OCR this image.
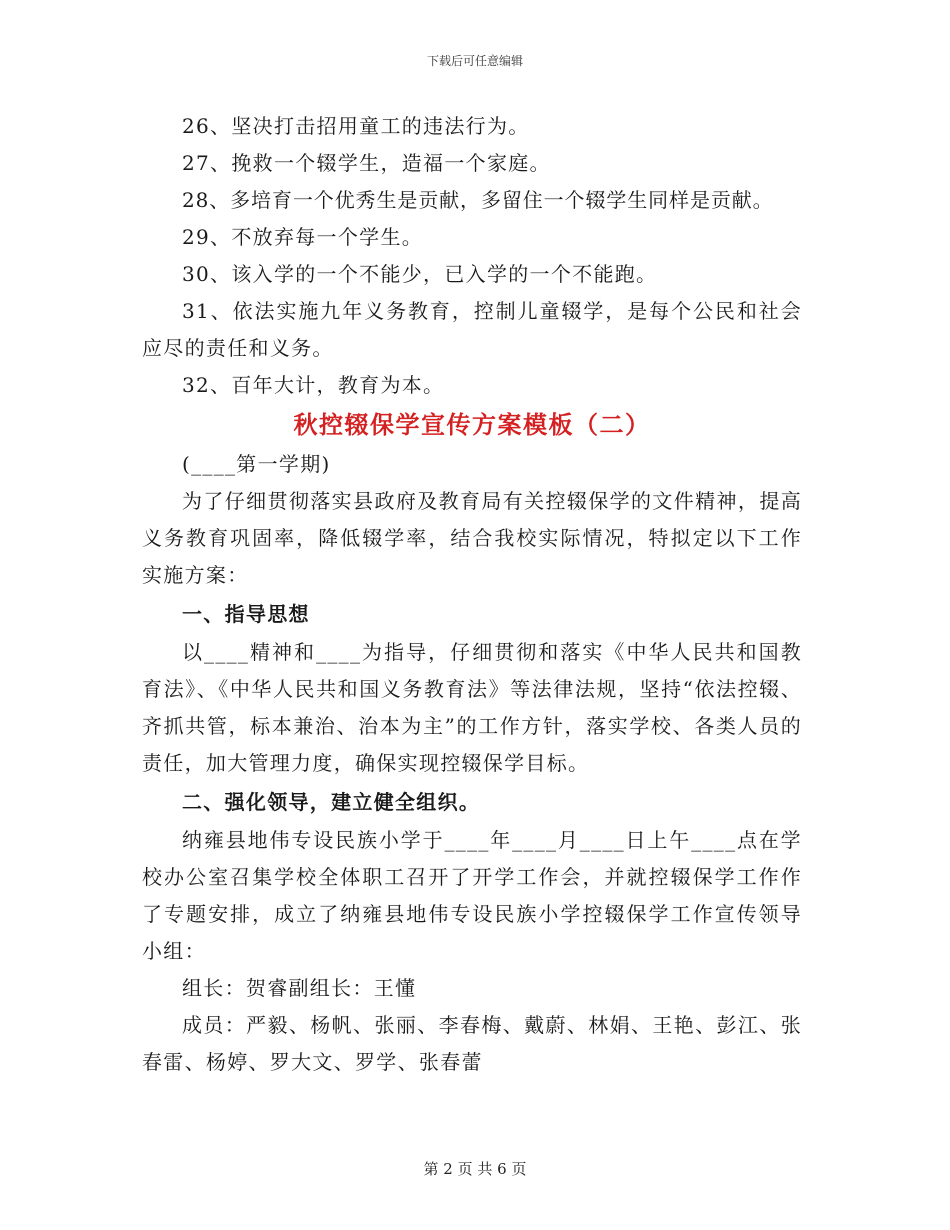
下载后可任意编辑

26、坚决打击招用童工的违法行为。

27、挽救一个辍学生，造福一个家庭。

28、多培育一个优秀生是贡献，多留住一个辍学生同样是贡献。

29、不放弃每一个学生。

30、该入学的一个不能少，已入学的一个不能跑。

31、依法实施九年义务教育，控制儿童辍学，是每个公民和社会应尽的责任和义务。

32、百年大计，教育为本。

秋控辍保学宣传方案模板（二）

(____第一学期)

为了仔细贯彻落实县政府及教育局有关控辍保学的文件精神，提高义务教育巩固率，降低辍学率，结合我校实际情况，特拟定以下工作实施方案：

一、指导思想

以____精神和____为指导，仔细贯彻和落实《中华人民共和国教育法》、《中华人民共和国义务教育法》等法律法规，坚持“依法控辍、齐抓共管，标本兼治、治本为主”的工作方针，落实学校、各类人员的责任，加大管理力度，确保实现控辍保学目标。

二、强化领导，建立健全组织。

纳雍县地伟专设民族小学于____年____月____日上午____点在学校办公室召集学校全体职工召开了开学工作会，并就控辍保学工作作了专题安排，成立了纳雍县地伟专设民族小学控辍保学工作宣传领导小组：

组长：贺睿副组长：王懂

成员：严毅、杨帆、张丽、李春梅、戴蔚、林娟、王艳、彭江、张春雷、杨婷、罗大文、罗学、张春蕾

第 2 页 共 6 页
